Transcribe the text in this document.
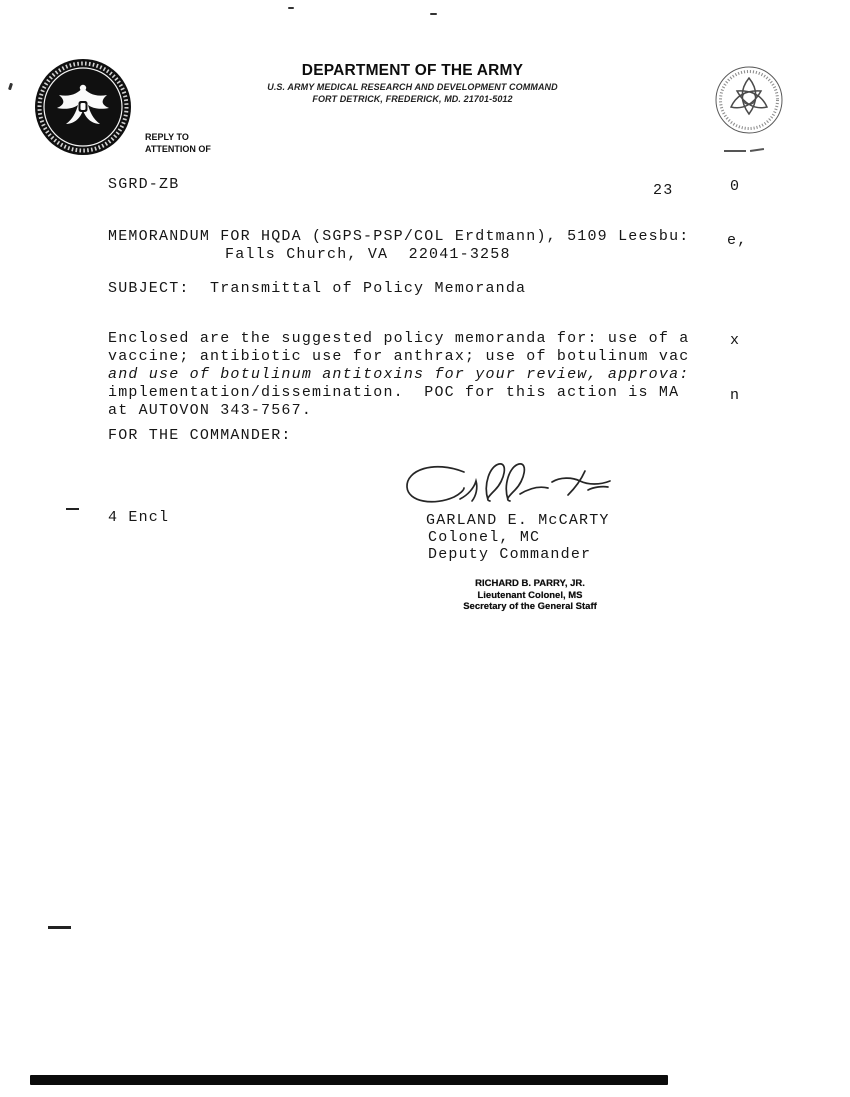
DEPARTMENT OF THE ARMY
U.S. ARMY MEDICAL RESEARCH AND DEVELOPMENT COMMAND
FORT DETRICK, FREDERICK, MD. 21701-5012
REPLY TO
ATTENTION OF
SGRD-ZB	23	0
MEMORANDUM FOR HQDA (SGPS-PSP/COL Erdtmann), 5109 Leesbu:	e,
Falls Church, VA  22041-3258
SUBJECT:  Transmittal of Policy Memoranda
Enclosed are the suggested policy memoranda for: use of a	x
vaccine; antibiotic use for anthrax; use of botulinum vac
and use of botulinum antitoxins for your review, approva:
implementation/dissemination.  POC for this action is MA	n
at AUTOVON 343-7567.
FOR THE COMMANDER:
4 Encl	GARLAND E. McCARTY
Colonel, MC
Deputy Commander
RICHARD B. PARRY, JR.
Lieutenant Colonel, MS
Secretary of the General Staff
